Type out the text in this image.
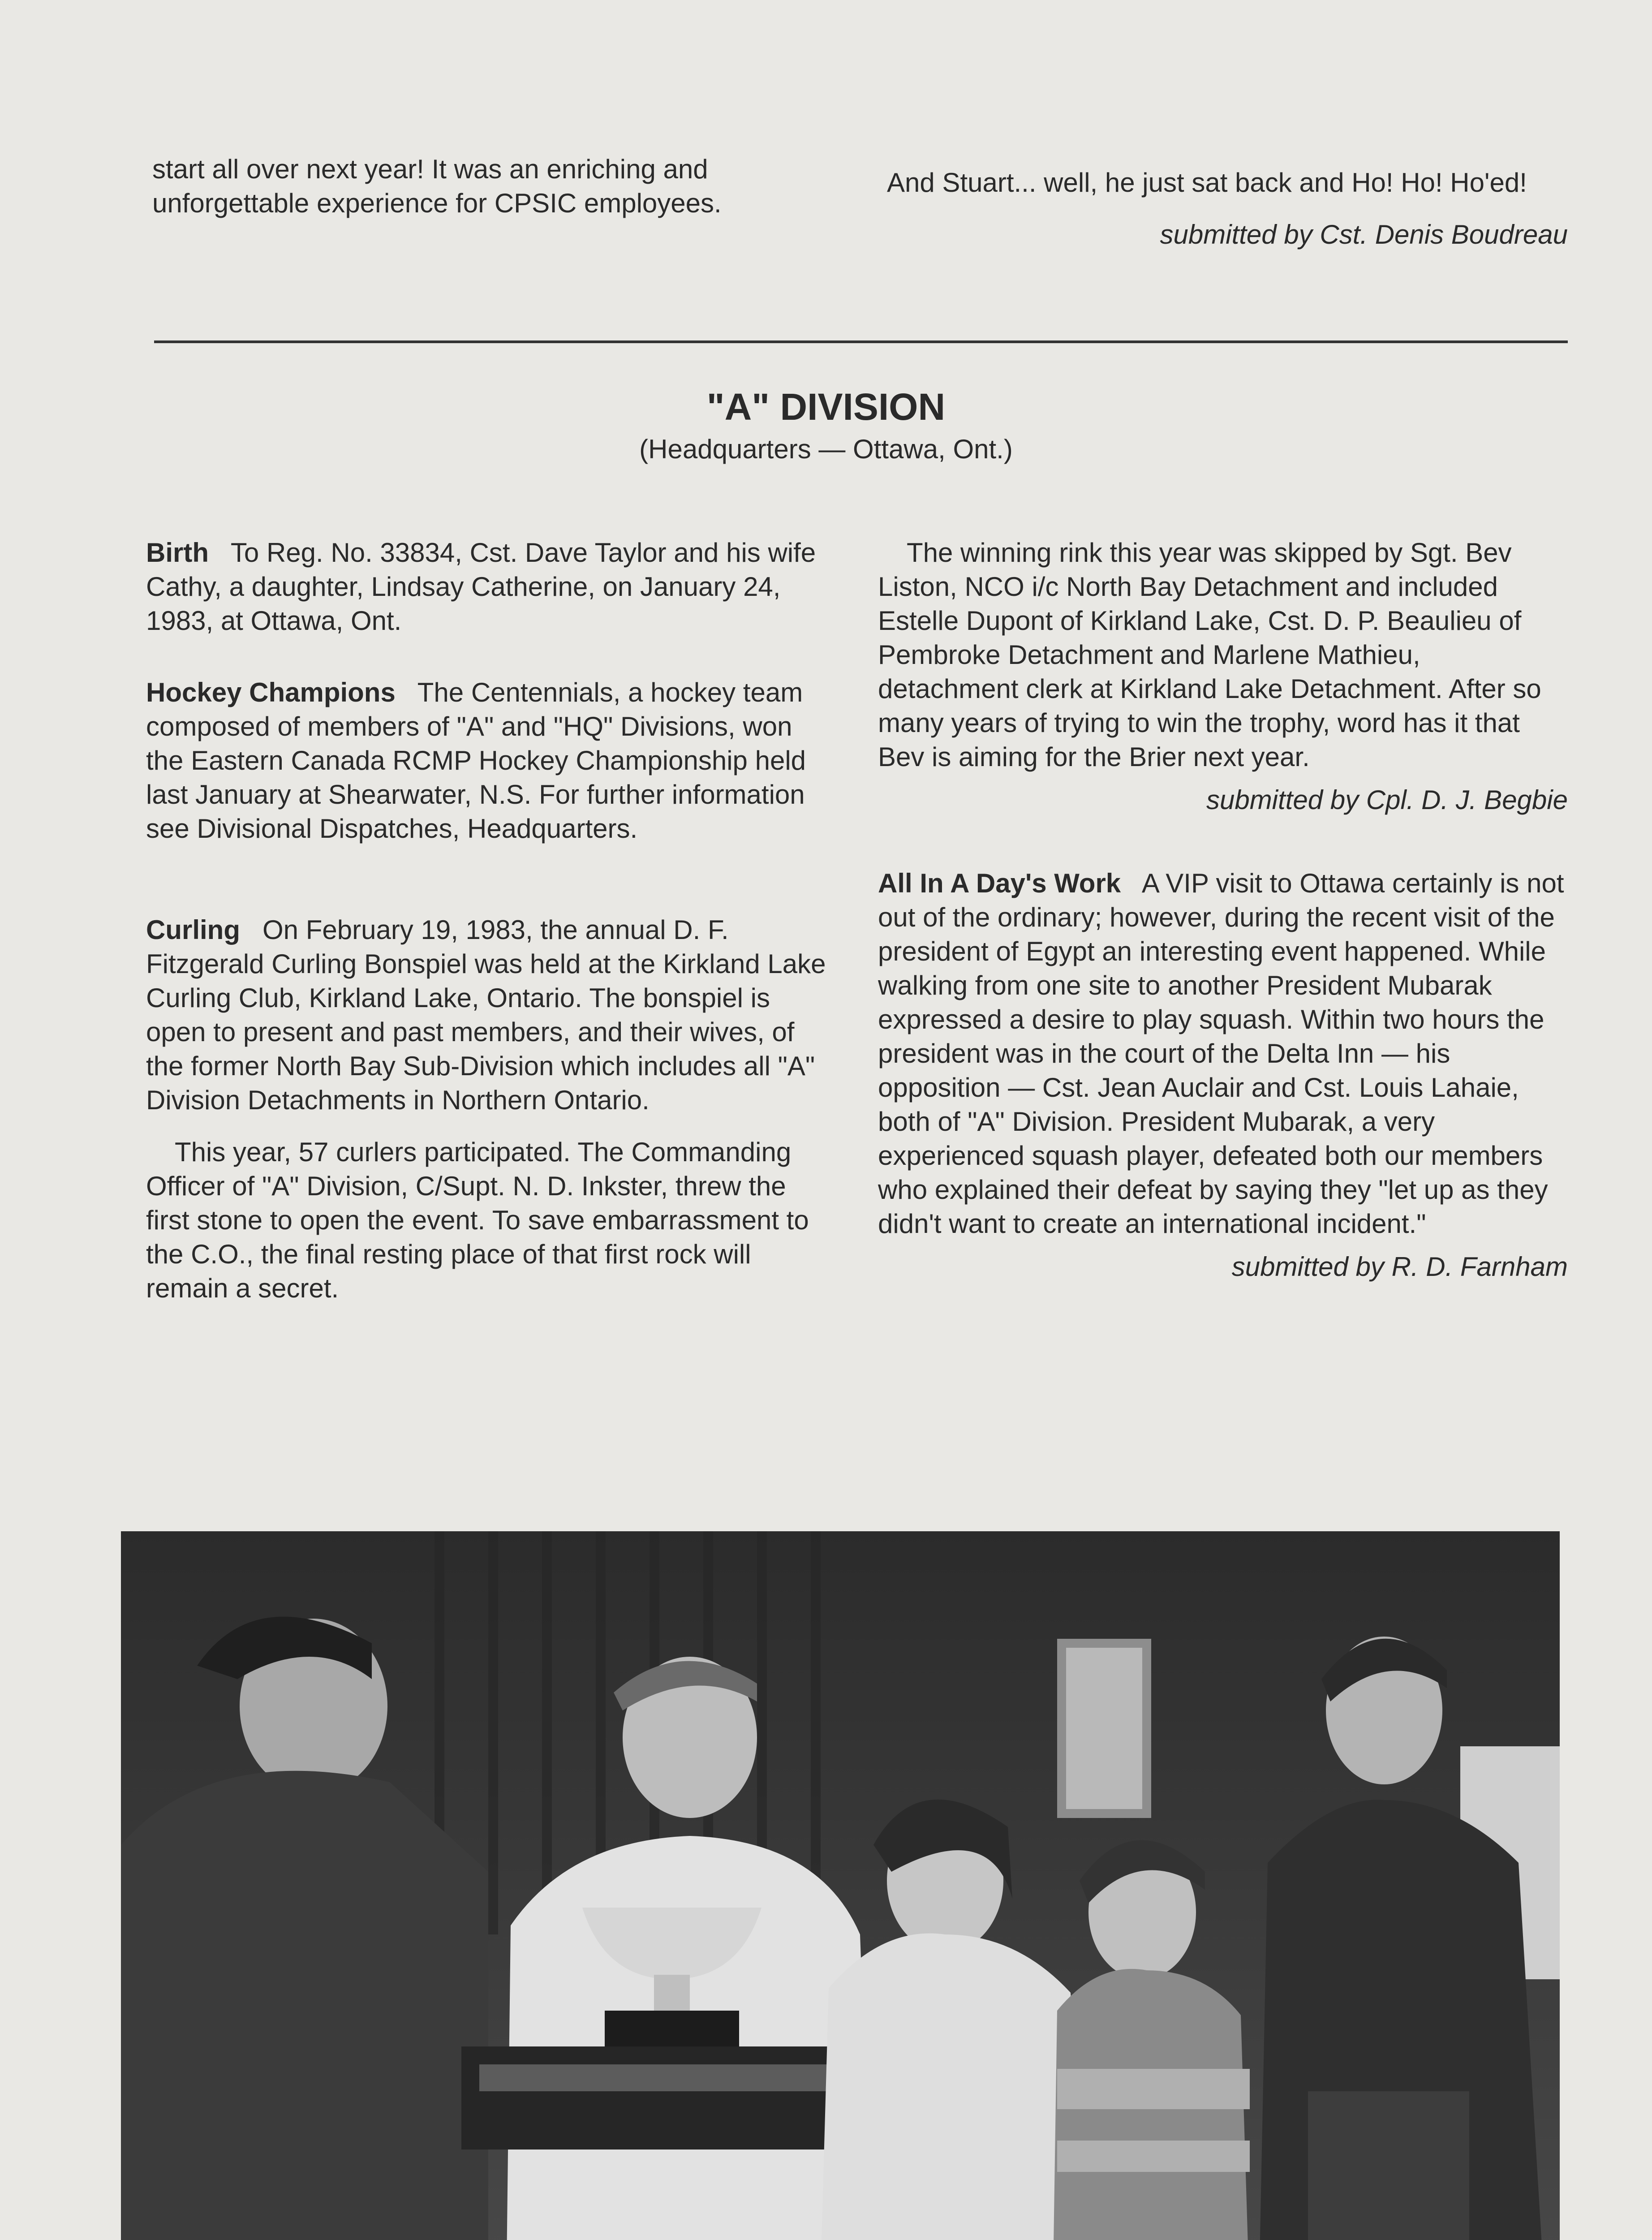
start all over next year! It was an enriching and unforgettable experience for CPSIC employees.

And Stuart... well, he just sat back and Ho! Ho! Ho'ed!

submitted by Cst. Denis Boudreau

"A" DIVISION
(Headquarters — Ottawa, Ont.)

Birth To Reg. No. 33834, Cst. Dave Taylor and his wife Cathy, a daughter, Lindsay Catherine, on January 24, 1983, at Ottawa, Ont.

Hockey Champions The Centennials, a hockey team composed of members of "A" and "HQ" Divisions, won the Eastern Canada RCMP Hockey Championship held last January at Shearwater, N.S. For further information see Divisional Dispatches, Headquarters.

Curling On February 19, 1983, the annual D. F. Fitzgerald Curling Bonspiel was held at the Kirkland Lake Curling Club, Kirkland Lake, Ontario. The bonspiel is open to present and past members, and their wives, of the former North Bay Sub-Division which includes all "A" Division Detachments in Northern Ontario.

This year, 57 curlers participated. The Commanding Officer of "A" Division, C/Supt. N. D. Inkster, threw the first stone to open the event. To save embarrassment to the C.O., the final resting place of that first rock will remain a secret.

The winning rink this year was skipped by Sgt. Bev Liston, NCO i/c North Bay Detachment and included Estelle Dupont of Kirkland Lake, Cst. D. P. Beaulieu of Pembroke Detachment and Marlene Mathieu, detachment clerk at Kirkland Lake Detachment. After so many years of trying to win the trophy, word has it that Bev is aiming for the Brier next year.

submitted by Cpl. D. J. Begbie

All In A Day's Work A VIP visit to Ottawa certainly is not out of the ordinary; however, during the recent visit of the president of Egypt an interesting event happened. While walking from one site to another President Mubarak expressed a desire to play squash. Within two hours the president was in the court of the Delta Inn — his opposition — Cst. Jean Auclair and Cst. Louis Lahaie, both of "A" Division. President Mubarak, a very experienced squash player, defeated both our members who explained their defeat by saying they "let up as they didn't want to create an international incident."

submitted by R. D. Farnham
